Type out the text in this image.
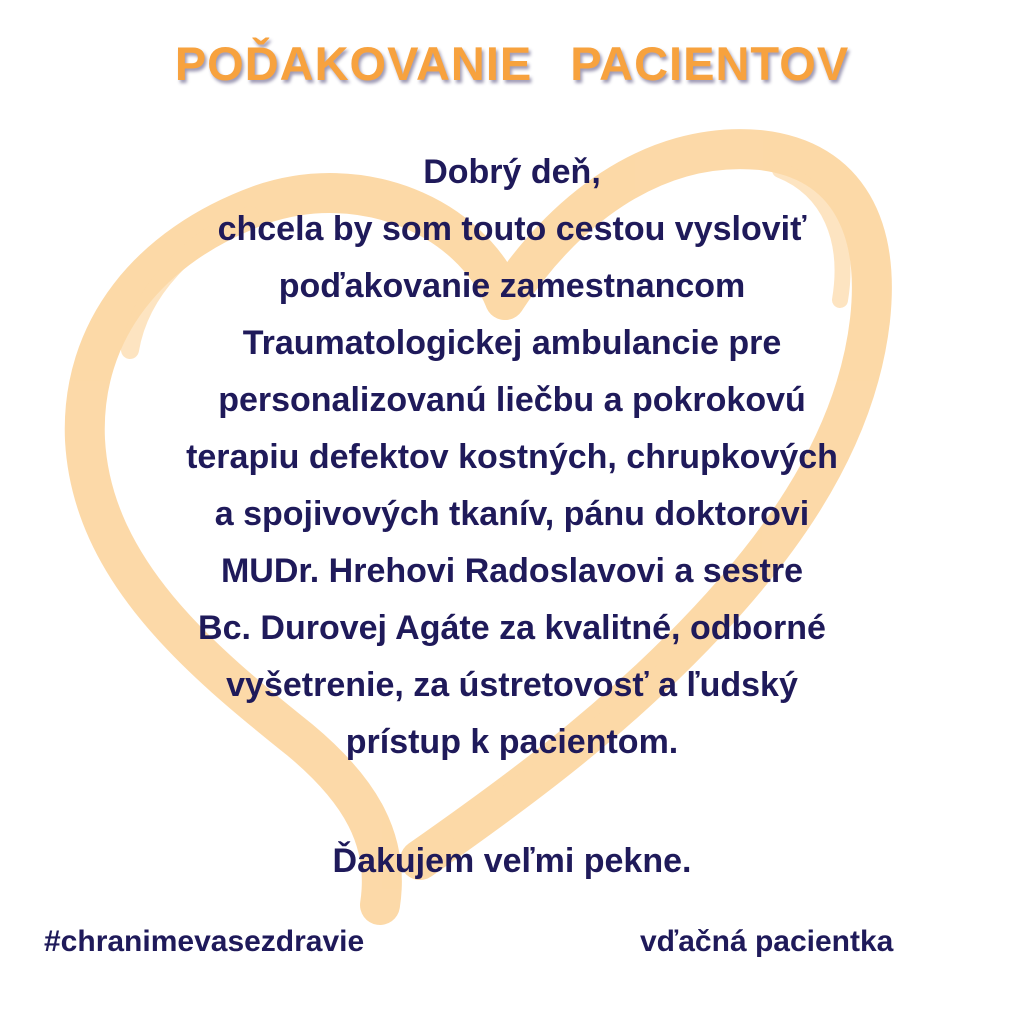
POĎAKOVANIE PACIENTOV
Dobrý deň,
chcela by som touto cestou vysloviť
poďakovanie zamestnancom
Traumatologickej ambulancie pre
personalizovanú liečbu a pokrokovú
terapiu defektov kostných, chrupkových
a spojivových tkanív, pánu doktorovi
MUDr. Hrehovi Radoslavovi a sestre
Bc. Durovej Agáte za kvalitné, odborné
vyšetrenie, za ústretovosť a ľudský
prístup k pacientom.
Ďakujem veľmi pekne.
#chranimevasezdravie	vďačná pacientka
